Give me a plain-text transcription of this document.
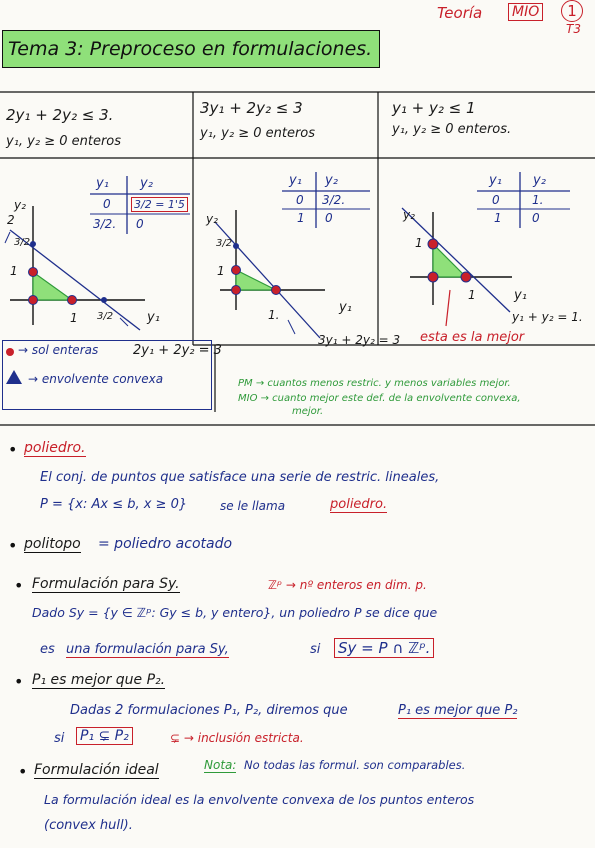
Teoría MIO	1
T3
Tema 3: Preproceso en formulaciones.
2y₁ + 2y₂ ≤ 3.
y₁, y₂ ≥ 0 enteros
3y₁ + 2y₂ ≤ 3
y₁, y₂ ≥ 0 enteros
y₁ + y₂ ≤ 1
y₁, y₂ ≥ 0 enteros.
y₁ y₂
0 3/2 = 1'5
3/2. 0
y₁ y₂
0 3/2.
1 0
y₁ y₂
0	1.
1	0
y₂
2
3/2
1
1 3/2	y₁
2y₁ + 2y₂ = 3
y₂
3/2
1
1.	y₁
3y₁ + 2y₂ = 3
y₂
1
1	y₁
y₁ + y₂ = 1.
esta es la mejor
→ sol enteras
→ envolvente convexa	PM → cuantos menos restric. y menos variables mejor.
MIO → cuanto mejor este def. de la envolvente convexa,
mejor.
• poliedro.
El conj. de puntos que satisface una serie de restric. lineales,
P = {x: Ax ≤ b, x ≥ 0}	se le llama	poliedro.
• politopo = poliedro acotado
• Formulación para Sy.	ℤᵖ → nº enteros en dim. p.
Dado Sy = {y ∈ ℤᵖ: Gy ≤ b, y entero}, un poliedro P se dice que
es una formulación para Sy,	si Sy = P ∩ ℤᵖ.
• P₁ es mejor que P₂.
Dadas 2 formulaciones P₁, P₂, diremos que	P₁ es mejor que P₂
si P₁ ⊊ P₂	⊊ → inclusión estricta.
• Formulación ideal	Nota: No todas las formul. son comparables.
La formulación ideal es la envolvente convexa de los puntos enteros
(convex hull).
